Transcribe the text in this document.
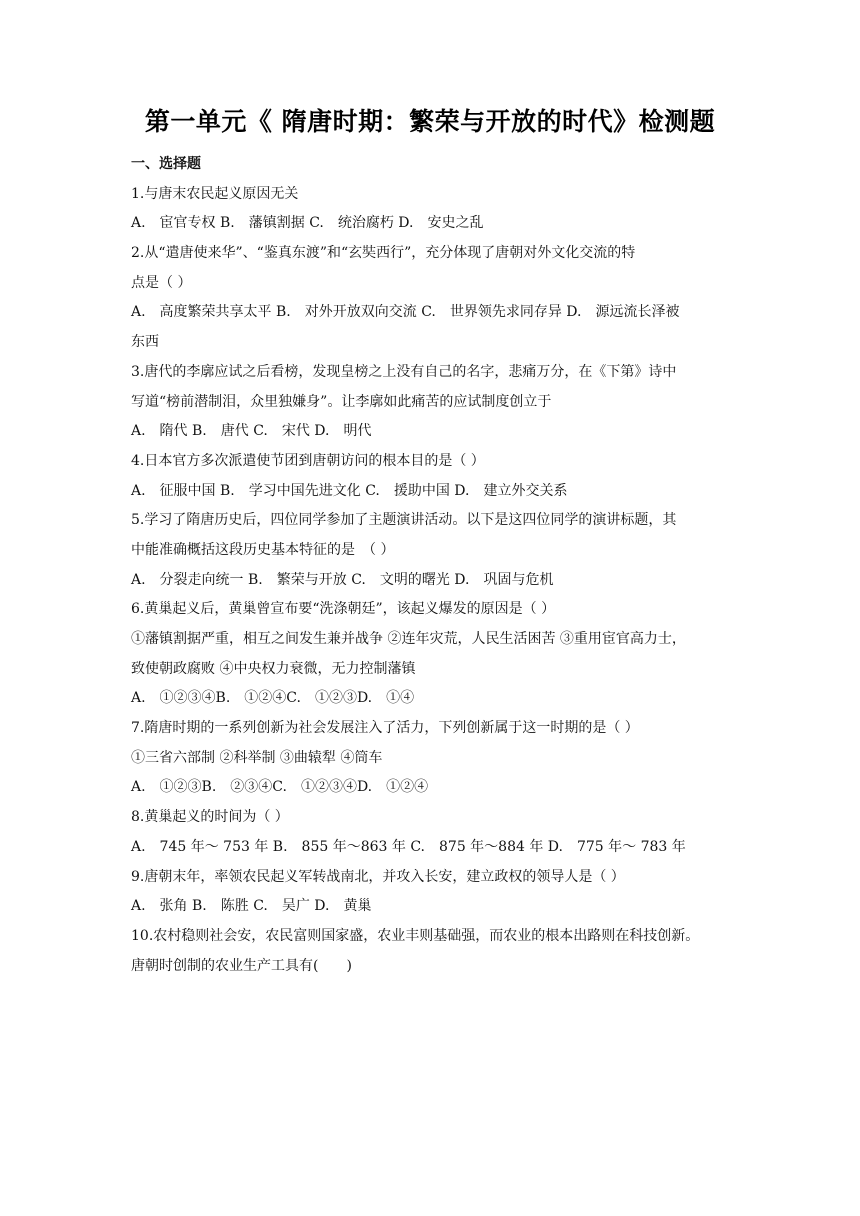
第一单元《 隋唐时期：繁荣与开放的时代》检测题
一、选择题
1.与唐末农民起义原因无关
A.　宦官专权 B.　藩镇割据 C.　统治腐朽 D.　安史之乱
2.从“遣唐使来华”、“鉴真东渡”和“玄奘西行”，充分体现了唐朝对外文化交流的特
点是（ ）
A.　高度繁荣共享太平 B.　对外开放双向交流 C.　世界领先求同存异 D.　源远流长泽被
东西
3.唐代的李廓应试之后看榜，发现皇榜之上没有自己的名字，悲痛万分，在《下第》诗中
写道“榜前潜制泪，众里独嫌身”。让李廓如此痛苦的应试制度创立于
A.　隋代 B.　唐代 C.　宋代 D.　明代
4.日本官方多次派遣使节团到唐朝访问的根本目的是（ ）
A.　征服中国 B.　学习中国先进文化 C.　援助中国 D.　建立外交关系
5.学习了隋唐历史后，四位同学参加了主题演讲活动。以下是这四位同学的演讲标题，其
中能准确概括这段历史基本特征的是　（ ）
A.　分裂走向统一 B.　繁荣与开放 C.　文明的曙光 D.　巩固与危机
6.黄巢起义后，黄巢曾宣布要“洗涤朝廷”，该起义爆发的原因是（ ）
①藩镇割据严重，相互之间发生兼并战争 ②连年灾荒，人民生活困苦 ③重用宦官高力士，
致使朝政腐败 ④中央权力衰微，无力控制藩镇
A.　①②③④B.　①②④C.　①②③D.　①④
7.隋唐时期的一系列创新为社会发展注入了活力，下列创新属于这一时期的是（ ）
①三省六部制 ②科举制 ③曲辕犁 ④筒车
A.　①②③B.　②③④C.　①②③④D.　①②④
8.黄巢起义的时间为（ ）
A.　745 年～ 753 年 B.　855 年～863 年 C.　875 年～884 年 D.　775 年～ 783 年
9.唐朝末年，率领农民起义军转战南北，并攻入长安，建立政权的领导人是（ ）
A.　张角 B.　陈胜 C.　吴广 D.　黄巢
10.农村稳则社会安，农民富则国家盛，农业丰则基础强，而农业的根本出路则在科技创新。
唐朝时创制的农业生产工具有(　　)
